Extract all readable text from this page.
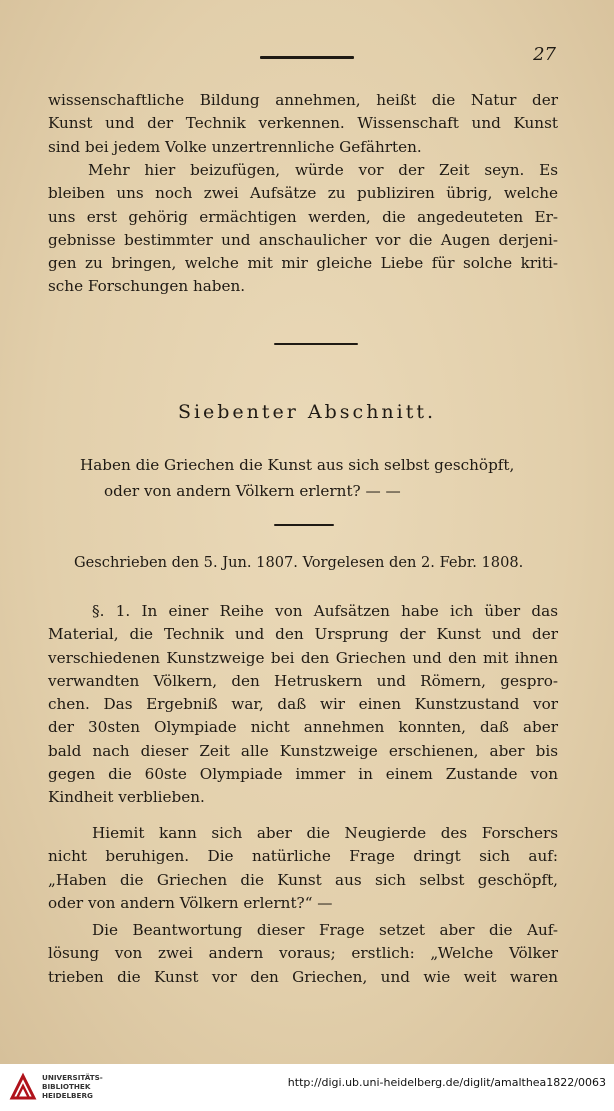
27

wissenschaftliche Bildung annehmen, heißt die Natur der
Kunst und der Technik verkennen. Wissenschaft und Kunst
sind bei jedem Volke unzertrennliche Gefährten.

Mehr hier beizufügen, würde vor der Zeit seyn. Es
bleiben uns noch zwei Aufsätze zu publiziren übrig, welche
uns erst gehörig ermächtigen werden, die angedeuteten Er-
gebnisse bestimmter und anschaulicher vor die Augen derjeni-
gen zu bringen, welche mit mir gleiche Liebe für solche kriti-
sche Forschungen haben.

Siebenter Abschnitt.
Haben die Griechen die Kunst aus sich selbst geschöpft,
oder von andern Völkern erlernt? — —
Geschrieben den 5. Jun. 1807. Vorgelesen den 2. Febr. 1808.

§. 1. In einer Reihe von Aufsätzen habe ich über das
Material, die Technik und den Ursprung der Kunst und der
verschiedenen Kunstzweige bei den Griechen und den mit ihnen
verwandten Völkern, den Hetruskern und Römern, gespro-
chen. Das Ergebniß war, daß wir einen Kunstzustand vor
der 30sten Olympiade nicht annehmen konnten, daß aber
bald nach dieser Zeit alle Kunstzweige erschienen, aber bis
gegen die 60ste Olympiade immer in einem Zustande von
Kindheit verblieben.

Hiemit kann sich aber die Neugierde des Forschers
nicht beruhigen. Die natürliche Frage dringt sich auf:
„Haben die Griechen die Kunst aus sich selbst geschöpft,
oder von andern Völkern erlernt?“ —

Die Beantwortung dieser Frage setzet aber die Auf-
lösung von zwei andern voraus; erstlich: „Welche Völker
trieben die Kunst vor den Griechen, und wie weit waren

UNIVERSITÄTS-
BIBLIOTHEK
HEIDELBERG
http://digi.ub.uni-heidelberg.de/diglit/amalthea1822/0063
